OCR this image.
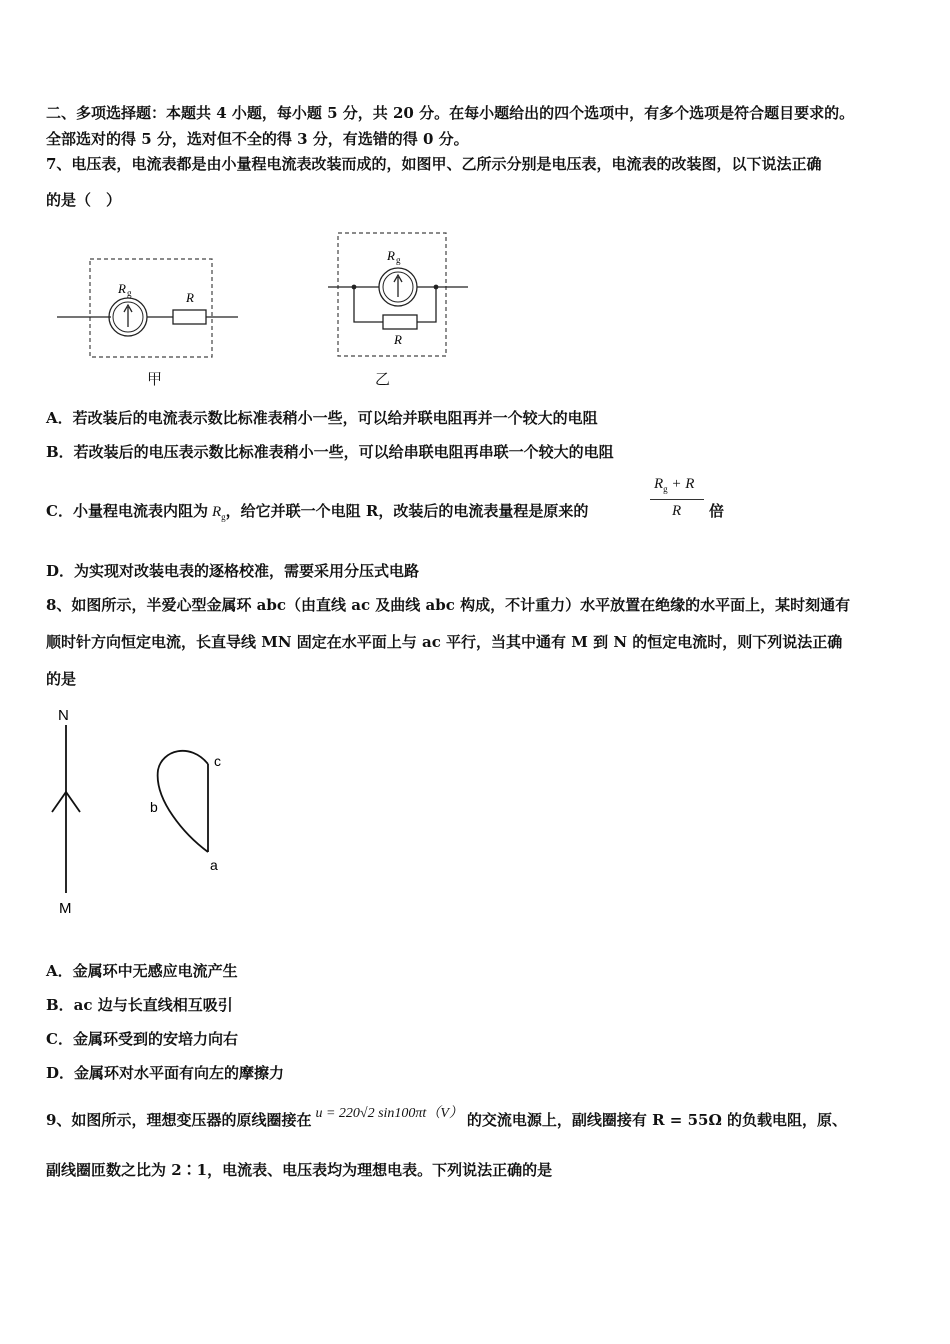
二、多项选择题：本题共 4 小题，每小题 5 分，共 20 分。在每小题给出的四个选项中，有多个选项是符合题目要求的。
全部选对的得 5 分，选对但不全的得 3 分，有选错的得 0 分。
7、电压表，电流表都是由小量程电流表改装而成的，如图甲、乙所示分别是电压表，电流表的改装图，以下说法正确
的是（　）
R g	R
甲
R g
R
乙
A．若改装后的电流表示数比标准表稍小一些，可以给并联电阻再并一个较大的电阻
B．若改装后的电压表示数比标准表稍小一些，可以给串联电阻再串联一个较大的电阻
C．小量程电流表内阻为 $R_g$，给它并联一个电阻 R，改装后的电流表量程是原来的
$R_g + R$
R 倍
D．为实现对改装电表的逐格校准，需要采用分压式电路
8、如图所示，半爱心型金属环 abc（由直线 ac 及曲线 abc 构成，不计重力）水平放置在绝缘的水平面上，某时刻通有
顺时针方向恒定电流，长直导线 MN 固定在水平面上与 ac 平行，当其中通有 M 到 N 的恒定电流时，则下列说法正确
的是
N
M
a
b
c
A．金属环中无感应电流产生
B．ac 边与长直线相互吸引
C．金属环受到的安培力向右
D．金属环对水平面有向左的摩擦力
9、如图所示，理想变压器的原线圈接在 u = 220√2 sin100πt（V） 的交流电源上，副线圈接有 R = 55Ω 的负载电阻，原、
副线圈匝数之比为 2∶1，电流表、电压表均为理想电表。下列说法正确的是
